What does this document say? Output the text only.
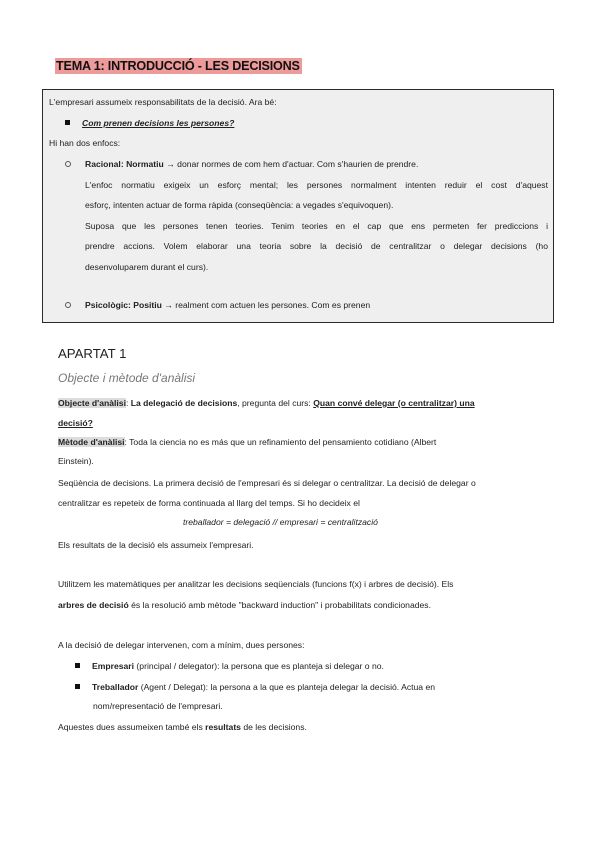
TEMA 1: INTRODUCCIÓ - LES DECISIONS
L'empresari assumeix responsabilitats de la decisió. Ara bé:
Com prenen decisions les persones?
Hi han dos enfocs:
Racional: Normatiu → donar normes de com hem d'actuar. Com s'haurien de prendre.
L'enfoc normatiu exigeix un esforç mental; les persones normalment intenten reduir el cost d'aquest
esforç, intenten actuar de forma ràpida (conseqüència: a vegades s'equivoquen).
Suposa que les persones tenen teories. Tenim teories en el cap que ens permeten fer prediccions i
prendre accions. Volem elaborar una teoria sobre la decisió de centralitzar o delegar decisions (ho
desenvoluparem durant el curs).
Psicològic: Positiu → realment com actuen les persones. Com es prenen
APARTAT 1
Objecte i mètode d'anàlisi
Objecte d'anàlisi: La delegació de decisions, pregunta del curs: Quan convé delegar (o centralitzar) una
decisió?
Mètode d'anàlisi: Toda la ciencia no es más que un refinamiento del pensamiento cotidiano (Albert
Einstein).
Seqüència de decisions. La primera decisió de l'empresari és si delegar o centralitzar. La decisió de delegar o
centralitzar es repeteix de forma continuada al llarg del temps. Si ho decideix el
treballador = delegació // empresari = centralització
Els resultats de la decisió els assumeix l'empresari.
Utilitzem les matemàtiques per analitzar les decisions seqüencials (funcions f(x) i arbres de decisió). Els
arbres de decisió és la resolució amb mètode "backward induction" i probabilitats condicionades.
A la decisió de delegar intervenen, com a mínim, dues persones:
Empresari (principal / delegator): la persona que es planteja si delegar o no.
Treballador (Agent / Delegat): la persona a la que es planteja delegar la decisió. Actua en
nom/representació de l'empresari.
Aquestes dues assumeixen també els resultats de les decisions.
